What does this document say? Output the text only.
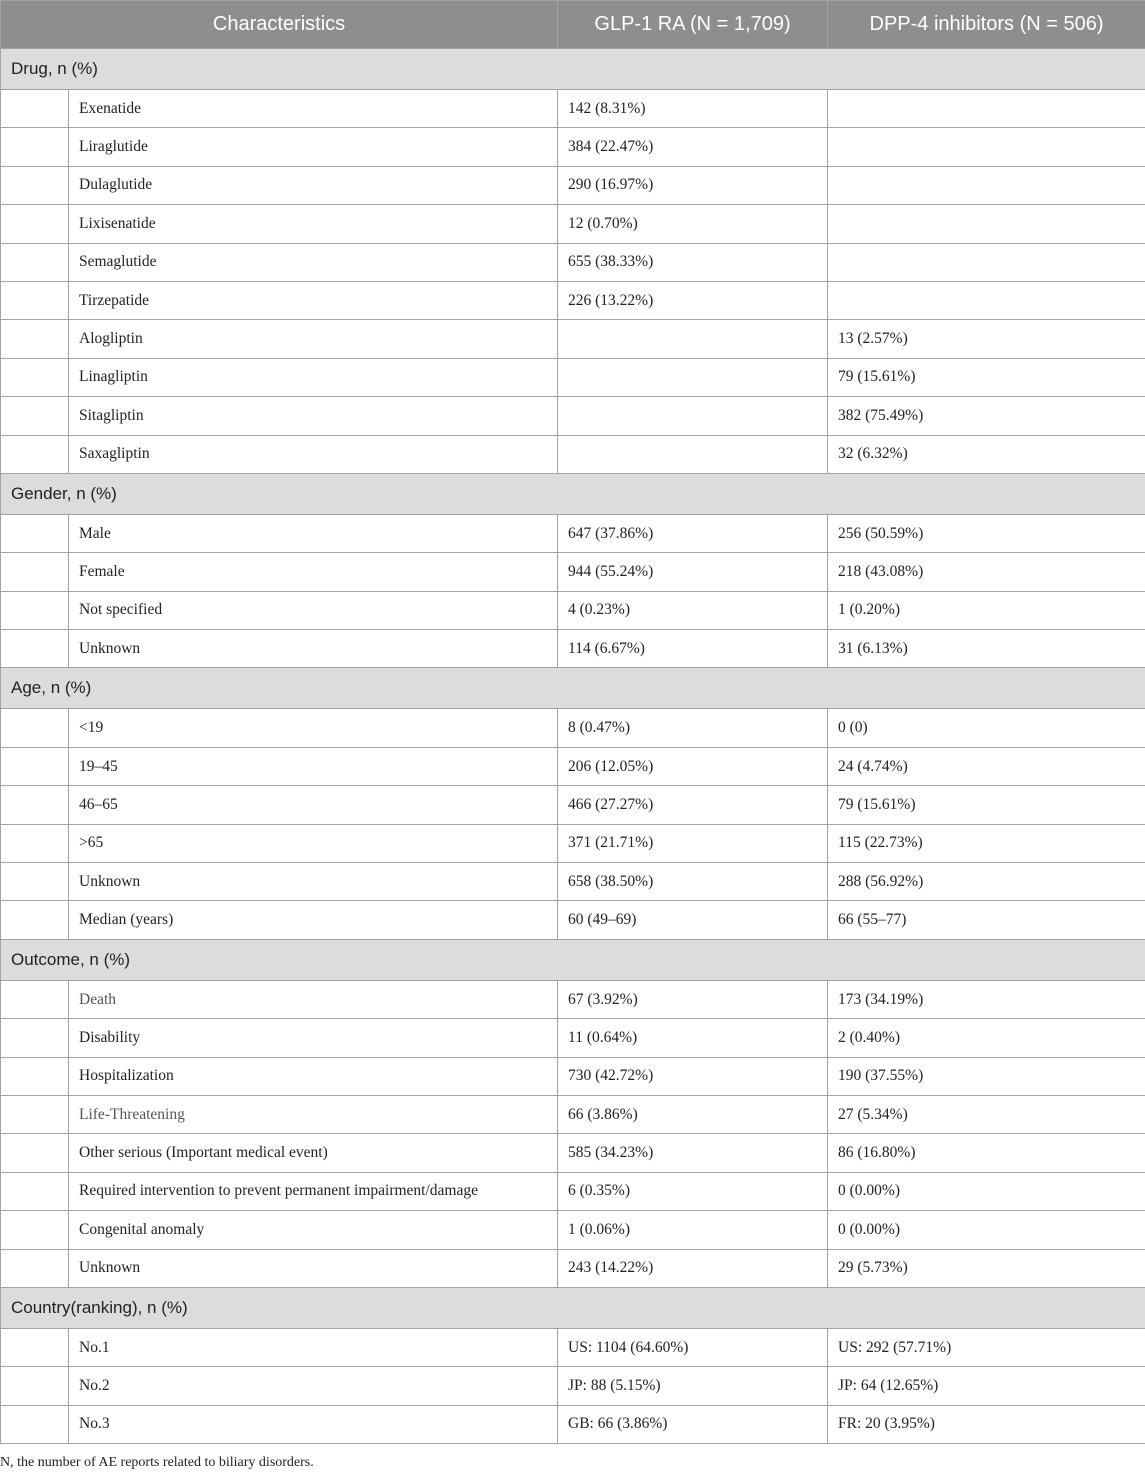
Characteristics		GLP-1 RA (N = 1,709)	DPP-4 inhibitors (N = 506)
Drug, n (%)			
	Exenatide	142 (8.31%)	
	Liraglutide	384 (22.47%)	
	Dulaglutide	290 (16.97%)	
	Lixisenatide	12 (0.70%)	
	Semaglutide	655 (38.33%)	
	Tirzepatide	226 (13.22%)	
	Alogliptin		13 (2.57%)
	Linagliptin		79 (15.61%)
	Sitagliptin		382 (75.49%)
	Saxagliptin		32 (6.32%)
Gender, n (%)			
	Male	647 (37.86%)	256 (50.59%)
	Female	944 (55.24%)	218 (43.08%)
	Not specified	4 (0.23%)	1 (0.20%)
	Unknown	114 (6.67%)	31 (6.13%)
Age, n (%)			
	<19	8 (0.47%)	0 (0)
	19–45	206 (12.05%)	24 (4.74%)
	46–65	466 (27.27%)	79 (15.61%)
	>65	371 (21.71%)	115 (22.73%)
	Unknown	658 (38.50%)	288 (56.92%)
	Median (years)	60 (49–69)	66 (55–77)
Outcome, n (%)			
	Death	67 (3.92%)	173 (34.19%)
	Disability	11 (0.64%)	2 (0.40%)
	Hospitalization	730 (42.72%)	190 (37.55%)
	Life-Threatening	66 (3.86%)	27 (5.34%)
	Other serious (Important medical event)	585 (34.23%)	86 (16.80%)
	Required intervention to prevent permanent impairment/damage	6 (0.35%)	0 (0.00%)
	Congenital anomaly	1 (0.06%)	0 (0.00%)
	Unknown	243 (14.22%)	29 (5.73%)
Country(ranking), n (%)			
	No.1	US: 1104 (64.60%)	US: 292 (57.71%)
	No.2	JP: 88 (5.15%)	JP: 64 (12.65%)
	No.3	GB: 66 (3.86%)	FR: 20 (3.95%)
N, the number of AE reports related to biliary disorders.
